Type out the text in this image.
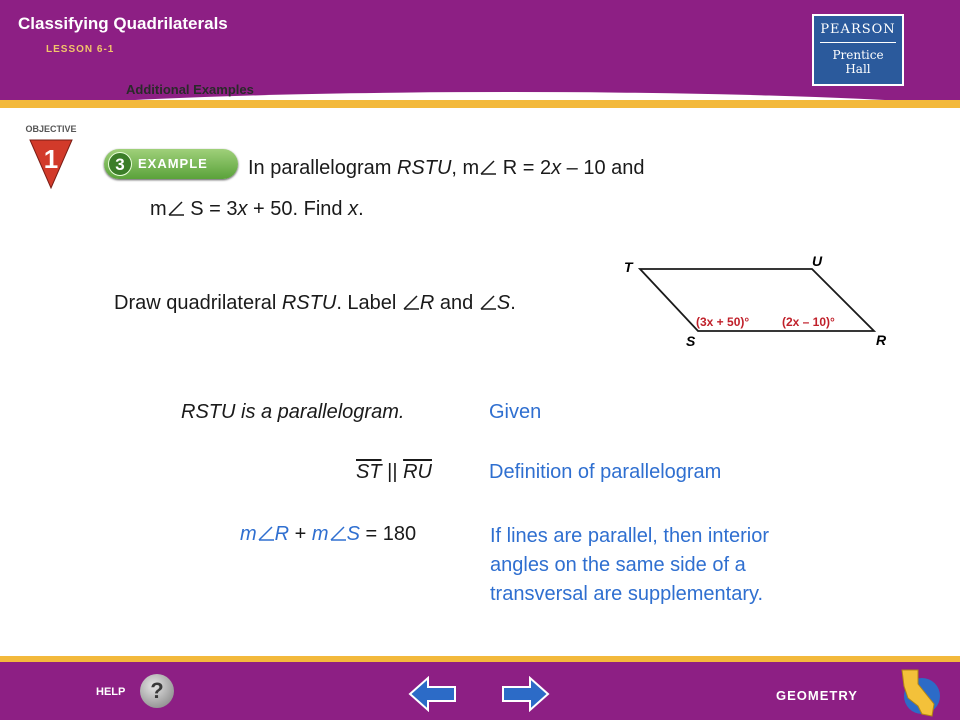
Classifying Quadrilaterals
LESSON 6-1
Additional Examples
PEARSON
Prentice
Hall
OBJECTIVE
1	3	EXAMPLE In parallelogram RSTU, m R = 2x – 10 and
m S = 3x + 50. Find x.
Draw quadrilateral RSTU. Label R and S.
T	U
S	R
(3x + 50)°	(2x – 10)°
RSTU is a parallelogram.	Given
$\overline{ST}$ || $\overline{RU}$	Definition of parallelogram
m R + m S = 180	If lines are parallel, then interior
angles on the same side of a
transversal are supplementary.
HELP	?	GEOMETRY
